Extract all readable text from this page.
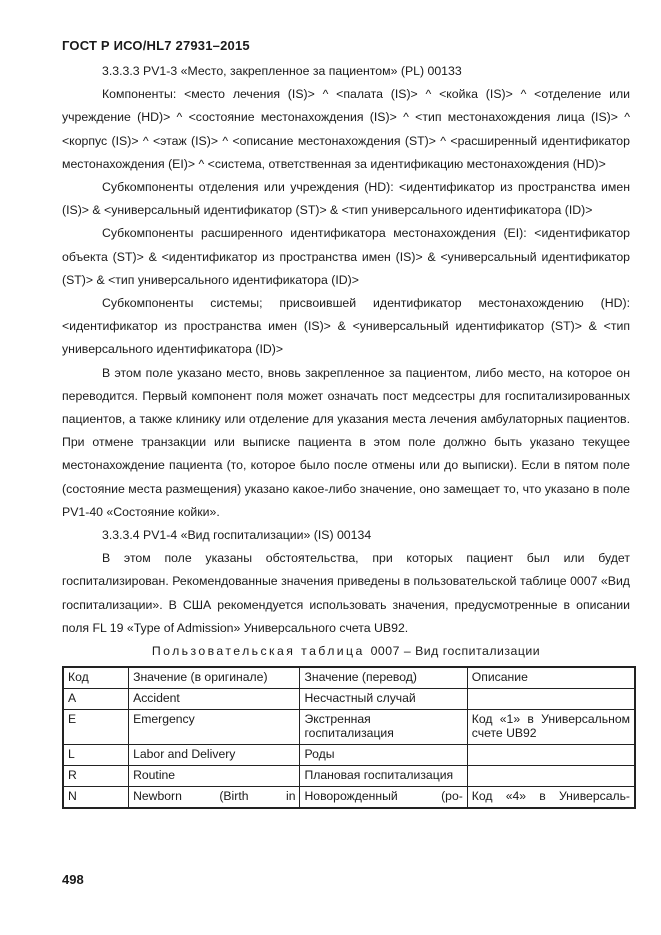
ГОСТ Р ИСО/HL7 27931–2015

3.3.3.3 PV1-3 «Место, закрепленное за пациентом» (PL) 00133

Компоненты: <место лечения (IS)> ^ <палата (IS)> ^ <койка (IS)> ^ <отделение или учреждение (HD)> ^ <состояние местонахождения (IS)> ^ <тип местонахождения лица (IS)> ^ <корпус (IS)> ^ <этаж (IS)> ^ <описание местонахождения (ST)> ^ <расширенный идентификатор местонахождения (EI)> ^ <система, ответственная за идентификацию местонахождения (HD)>

Субкомпоненты отделения или учреждения (HD): <идентификатор из пространства имен (IS)> & <универсальный идентификатор (ST)> & <тип универсального идентификатора (ID)>

Субкомпоненты расширенного идентификатора местонахождения (EI): <идентификатор объекта (ST)> & <идентификатор из пространства имен (IS)> & <универсальный идентификатор (ST)> & <тип универсального идентификатора (ID)>

Субкомпоненты системы; присвоившей идентификатор местонахождению (HD): <идентификатор из пространства имен (IS)> & <универсальный идентификатор (ST)> & <тип универсального идентификатора (ID)>

В этом поле указано место, вновь закрепленное за пациентом, либо место, на которое он переводится. Первый компонент поля может означать пост медсестры для госпитализированных пациентов, а также клинику или отделение для указания места лечения амбулаторных пациентов. При отмене транзакции или выписке пациента в этом поле должно быть указано текущее местонахождение пациента (то, которое было после отмены или до выписки). Если в пятом поле (состояние места размещения) указано какое-либо значение, оно замещает то, что указано в поле PV1-40 «Состояние койки».

3.3.3.4 PV1-4 «Вид госпитализации» (IS) 00134

В этом поле указаны обстоятельства, при которых пациент был или будет госпитализирован. Рекомендованные значения приведены в пользовательской таблице 0007 «Вид госпитализации». В США рекомендуется использовать значения, предусмотренные в описании поля FL 19 «Type of Admission» Универсального счета UB92.

Пользовательская таблица 0007 – Вид госпитализации

Код	Значение (в оригинале)	Значение (перевод)	Описание
A	Accident	Несчастный случай	
E	Emergency	Экстренная госпитализация	Код «1» в Универсальном счете UB92
L	Labor and Delivery	Роды	
R	Routine	Плановая госпитализация	
N	Newborn (Birth in	Новорожденный (ро-	Код «4» в Универсаль-
498
